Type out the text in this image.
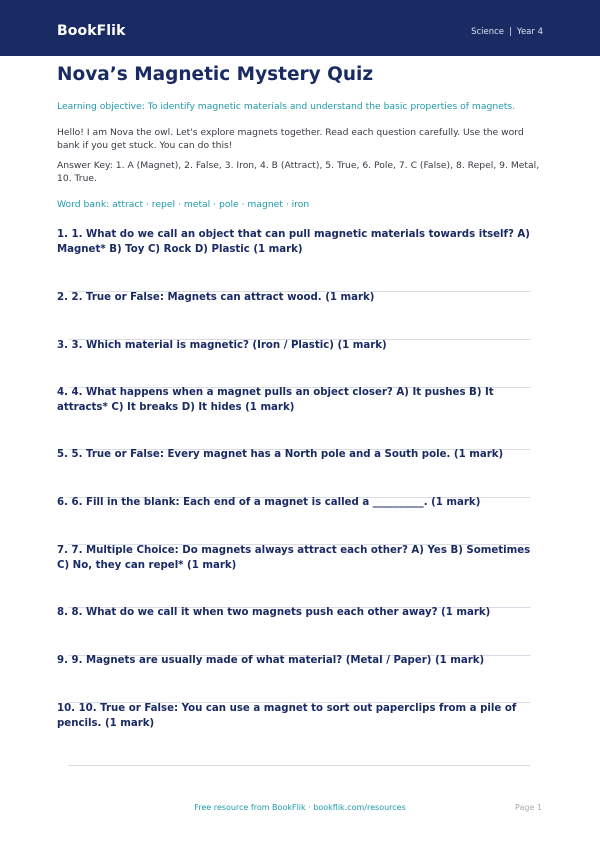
BookFlik	Science | Year 4
Nova’s Magnetic Mystery Quiz
Learning objective: To identify magnetic materials and understand the basic properties of magnets.
Hello! I am Nova the owl. Let's explore magnets together. Read each question carefully. Use the word bank if you get stuck. You can do this!
Answer Key: 1. A (Magnet), 2. False, 3. Iron, 4. B (Attract), 5. True, 6. Pole, 7. C (False), 8. Repel, 9. Metal, 10. True.
Word bank: attract · repel · metal · pole · magnet · iron
1. 1. What do we call an object that can pull magnetic materials towards itself? A) Magnet* B) Toy C) Rock D) Plastic (1 mark)
2. 2. True or False: Magnets can attract wood. (1 mark)
3. 3. Which material is magnetic? (Iron / Plastic) (1 mark)
4. 4. What happens when a magnet pulls an object closer? A) It pushes B) It attracts* C) It breaks D) It hides (1 mark)
5. 5. True or False: Every magnet has a North pole and a South pole. (1 mark)
6. 6. Fill in the blank: Each end of a magnet is called a __________. (1 mark)
7. 7. Multiple Choice: Do magnets always attract each other? A) Yes B) Sometimes C) No, they can repel* (1 mark)
8. 8. What do we call it when two magnets push each other away? (1 mark)
9. 9. Magnets are usually made of what material? (Metal / Paper) (1 mark)
10. 10. True or False: You can use a magnet to sort out paperclips from a pile of pencils. (1 mark)
Free resource from BookFlik · bookflik.com/resources	Page 1
